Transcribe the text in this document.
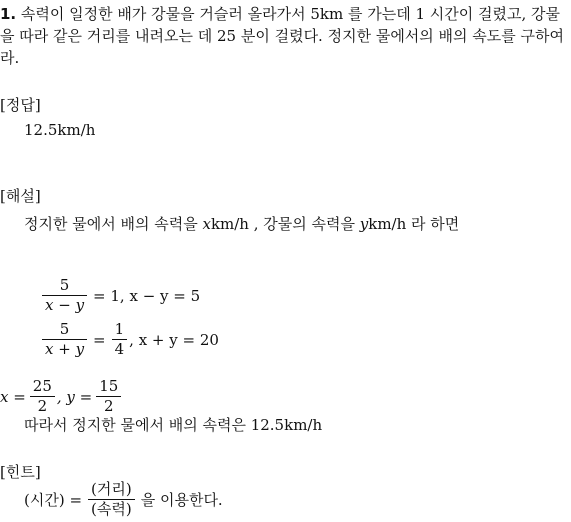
1. 속력이 일정한 배가 강물을 거슬러 올라가서 5km 를 가는데 1 시간이 걸렸고, 강물을 따라 같은 거리를 내려오는 데 25 분이 걸렸다. 정지한 물에서의 배의 속도를 구하여라.
[정답]
12.5km/h
[해설]
정지한 물에서 배의 속력을 xkm/h , 강물의 속력을 ykm/h 라 하면
$\frac{5}{x - y} = 1$, x − y = 5
$\frac{5}{x + y} = \frac{1}{4}$ , x + y = 20
$x = \frac{25}{2}$ , $y = \frac{15}{2}$
따라서 정지한 물에서 배의 속력은 12.5km/h
[힌트]
(시간) = $\frac{\text{(거리)}}{\text{(속력)}}$ 을 이용한다.
